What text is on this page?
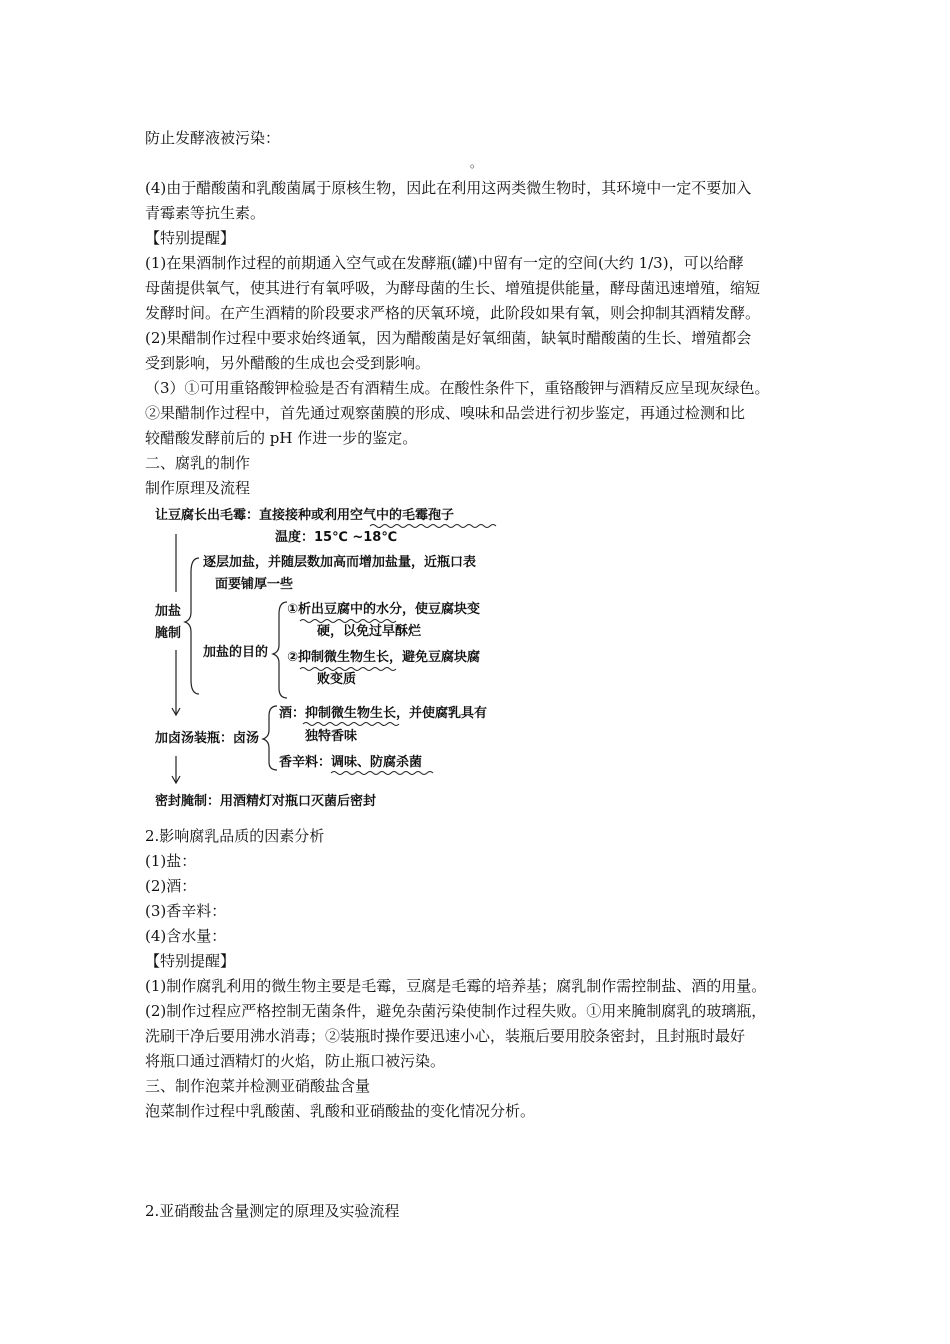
防止发酵液被污染：
。
(4)由于醋酸菌和乳酸菌属于原核生物，因此在利用这两类微生物时，其环境中一定不要加入
青霉素等抗生素。
【特别提醒】
(1)在果酒制作过程的前期通入空气或在发酵瓶(罐)中留有一定的空间(大约 1/3)，可以给酵
母菌提供氧气，使其进行有氧呼吸，为酵母菌的生长、增殖提供能量，酵母菌迅速增殖，缩短
发酵时间。在产生酒精的阶段要求严格的厌氧环境，此阶段如果有氧，则会抑制其酒精发酵。
(2)果醋制作过程中要求始终通氧，因为醋酸菌是好氧细菌，缺氧时醋酸菌的生长、增殖都会
受到影响，另外醋酸的生成也会受到影响。
（3）①可用重铬酸钾检验是否有酒精生成。在酸性条件下，重铬酸钾与酒精反应呈现灰绿色。
②果醋制作过程中，首先通过观察菌膜的形成、嗅味和品尝进行初步鉴定，再通过检测和比
较醋酸发酵前后的 pH 作进一步的鉴定。
二、腐乳的制作
制作原理及流程
让豆腐长出毛霉：直接接种或利用空气中的毛霉孢子
温度：15℃ ~18℃
逐层加盐，并随层数加高而增加盐量，近瓶口表
面要铺厚一些
加盐
腌制
加盐的目的
①析出豆腐中的水分，使豆腐块变
硬，以免过早酥烂
②抑制微生物生长，避免豆腐块腐
败变质
加卤汤装瓶：卤汤
酒：抑制微生物生长，并使腐乳具有
独特香味
香辛料：调味、防腐杀菌
密封腌制：用酒精灯对瓶口灭菌后密封
2.影响腐乳品质的因素分析
(1)盐：
(2)酒：
(3)香辛料：
(4)含水量：
【特别提醒】
(1)制作腐乳利用的微生物主要是毛霉，豆腐是毛霉的培养基；腐乳制作需控制盐、酒的用量。
(2)制作过程应严格控制无菌条件，避免杂菌污染使制作过程失败。①用来腌制腐乳的玻璃瓶，
洗刷干净后要用沸水消毒；②装瓶时操作要迅速小心，装瓶后要用胶条密封，且封瓶时最好
将瓶口通过酒精灯的火焰，防止瓶口被污染。
三、制作泡菜并检测亚硝酸盐含量
泡菜制作过程中乳酸菌、乳酸和亚硝酸盐的变化情况分析。
2.亚硝酸盐含量测定的原理及实验流程
